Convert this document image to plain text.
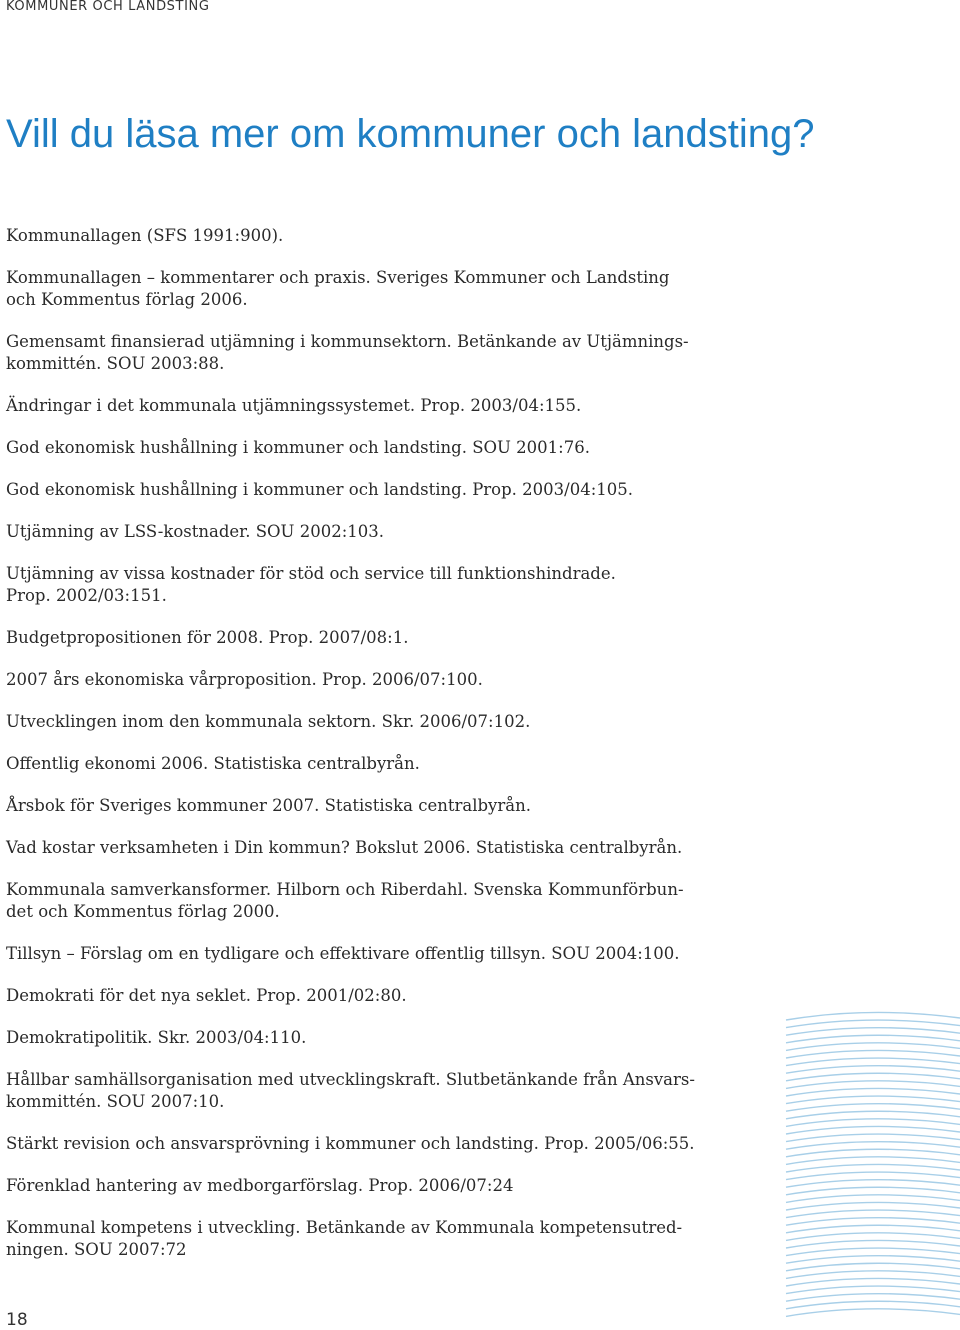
KOMMUNER OCH LANDSTING
Vill du läsa mer om kommuner och landsting?
Kommunallagen (SFS 1991:900).
Kommunallagen – kommentarer och praxis. Sveriges Kommuner och Landsting
och Kommentus förlag 2006.
Gemensamt finansierad utjämning i kommunsektorn. Betänkande av Utjämnings-
kommittén. SOU 2003:88.
Ändringar i det kommunala utjämningssystemet. Prop. 2003/04:155.
God ekonomisk hushållning i kommuner och landsting. SOU 2001:76.
God ekonomisk hushållning i kommuner och landsting. Prop. 2003/04:105.
Utjämning av LSS-kostnader. SOU 2002:103.
Utjämning av vissa kostnader för stöd och service till funktionshindrade.
Prop. 2002/03:151.
Budgetpropositionen för 2008. Prop. 2007/08:1.
2007 års ekonomiska vårproposition. Prop. 2006/07:100.
Utvecklingen inom den kommunala sektorn. Skr. 2006/07:102.
Offentlig ekonomi 2006. Statistiska centralbyrån.
Årsbok för Sveriges kommuner 2007. Statistiska centralbyrån.
Vad kostar verksamheten i Din kommun? Bokslut 2006. Statistiska centralbyrån.
Kommunala samverkansformer. Hilborn och Riberdahl. Svenska Kommunförbun-
det och Kommentus förlag 2000.
Tillsyn – Förslag om en tydligare och effektivare offentlig tillsyn. SOU 2004:100.
Demokrati för det nya seklet. Prop. 2001/02:80.
Demokratipolitik. Skr. 2003/04:110.
Hållbar samhällsorganisation med utvecklingskraft. Slutbetänkande från Ansvars-
kommittén. SOU 2007:10.
Stärkt revision och ansvarsprövning i kommuner och landsting. Prop. 2005/06:55.
Förenklad hantering av medborgarförslag. Prop. 2006/07:24
Kommunal kompetens i utveckling. Betänkande av Kommunala kompetensutred-
ningen. SOU 2007:72
18
